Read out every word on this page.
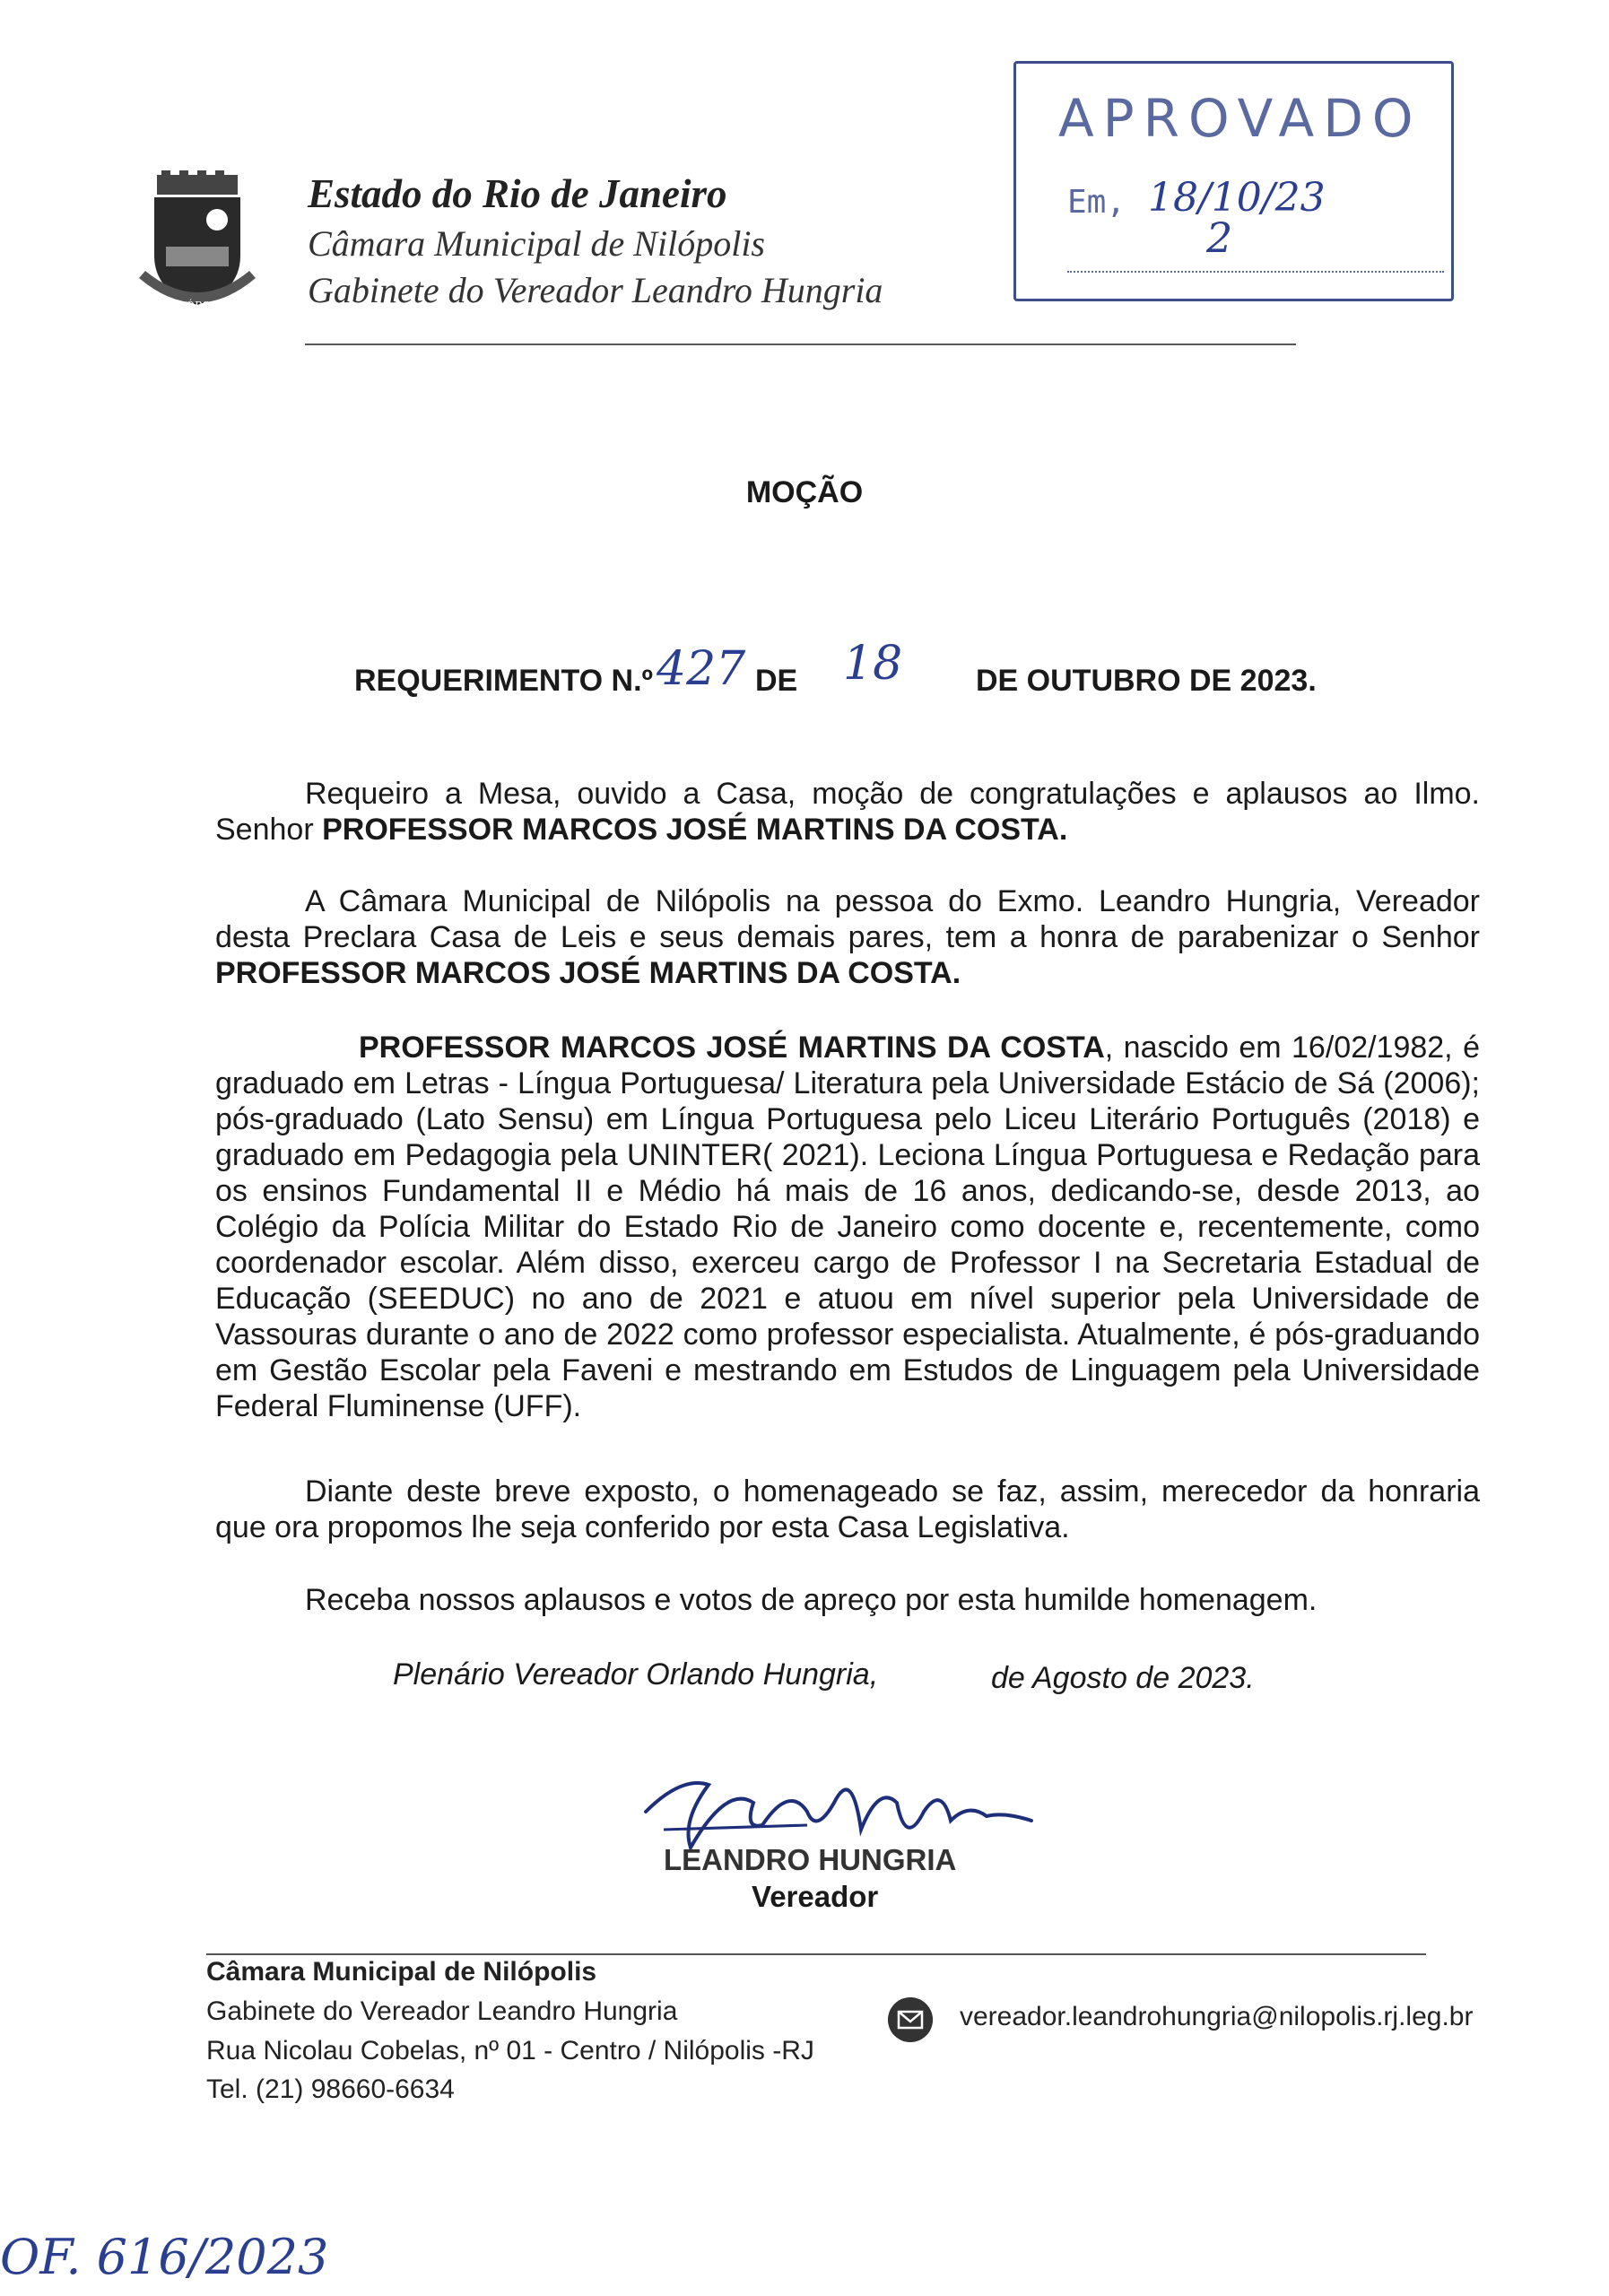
NILÓPOLIS
Estado do Rio de Janeiro
Câmara Municipal de Nilópolis
Gabinete do Vereador Leandro Hungria
APROVADO
Em, 18/10/23
2
MOÇÃO
REQUERIMENTO N.º 427 DE 18 DE OUTUBRO DE 2023.

Requeiro a Mesa, ouvido a Casa, moção de congratulações e aplausos ao Ilmo. Senhor PROFESSOR MARCOS JOSÉ MARTINS DA COSTA.

A Câmara Municipal de Nilópolis na pessoa do Exmo. Leandro Hungria, Vereador desta Preclara Casa de Leis e seus demais pares, tem a honra de parabenizar o Senhor PROFESSOR MARCOS JOSÉ MARTINS DA COSTA.

PROFESSOR MARCOS JOSÉ MARTINS DA COSTA, nascido em 16/02/1982, é graduado em Letras - Língua Portuguesa/ Literatura pela Universidade Estácio de Sá (2006); pós-graduado (Lato Sensu) em Língua Portuguesa pelo Liceu Literário Português (2018) e graduado em Pedagogia pela UNINTER( 2021). Leciona Língua Portuguesa e Redação para os ensinos Fundamental II e Médio há mais de 16 anos, dedicando-se, desde 2013, ao Colégio da Polícia Militar do Estado Rio de Janeiro como docente e, recentemente, como coordenador escolar. Além disso, exerceu cargo de Professor I na Secretaria Estadual de Educação (SEEDUC) no ano de 2021 e atuou em nível superior pela Universidade de Vassouras durante o ano de 2022 como professor especialista. Atualmente, é pós-graduando em Gestão Escolar pela Faveni e mestrando em Estudos de Linguagem pela Universidade Federal Fluminense (UFF).

Diante deste breve exposto, o homenageado se faz, assim, merecedor da honraria que ora propomos lhe seja conferido por esta Casa Legislativa.

Receba nossos aplausos e votos de apreço por esta humilde homenagem.
Plenário Vereador Orlando Hungria,	de Agosto de 2023.
LEANDRO HUNGRIA
Vereador
Câmara Municipal de Nilópolis
Gabinete do Vereador Leandro Hungria
Rua Nicolau Cobelas, nº 01 - Centro / Nilópolis -RJ
Tel. (21) 98660-6634
vereador.leandrohungria@nilopolis.rj.leg.br
OF. 616/2023
